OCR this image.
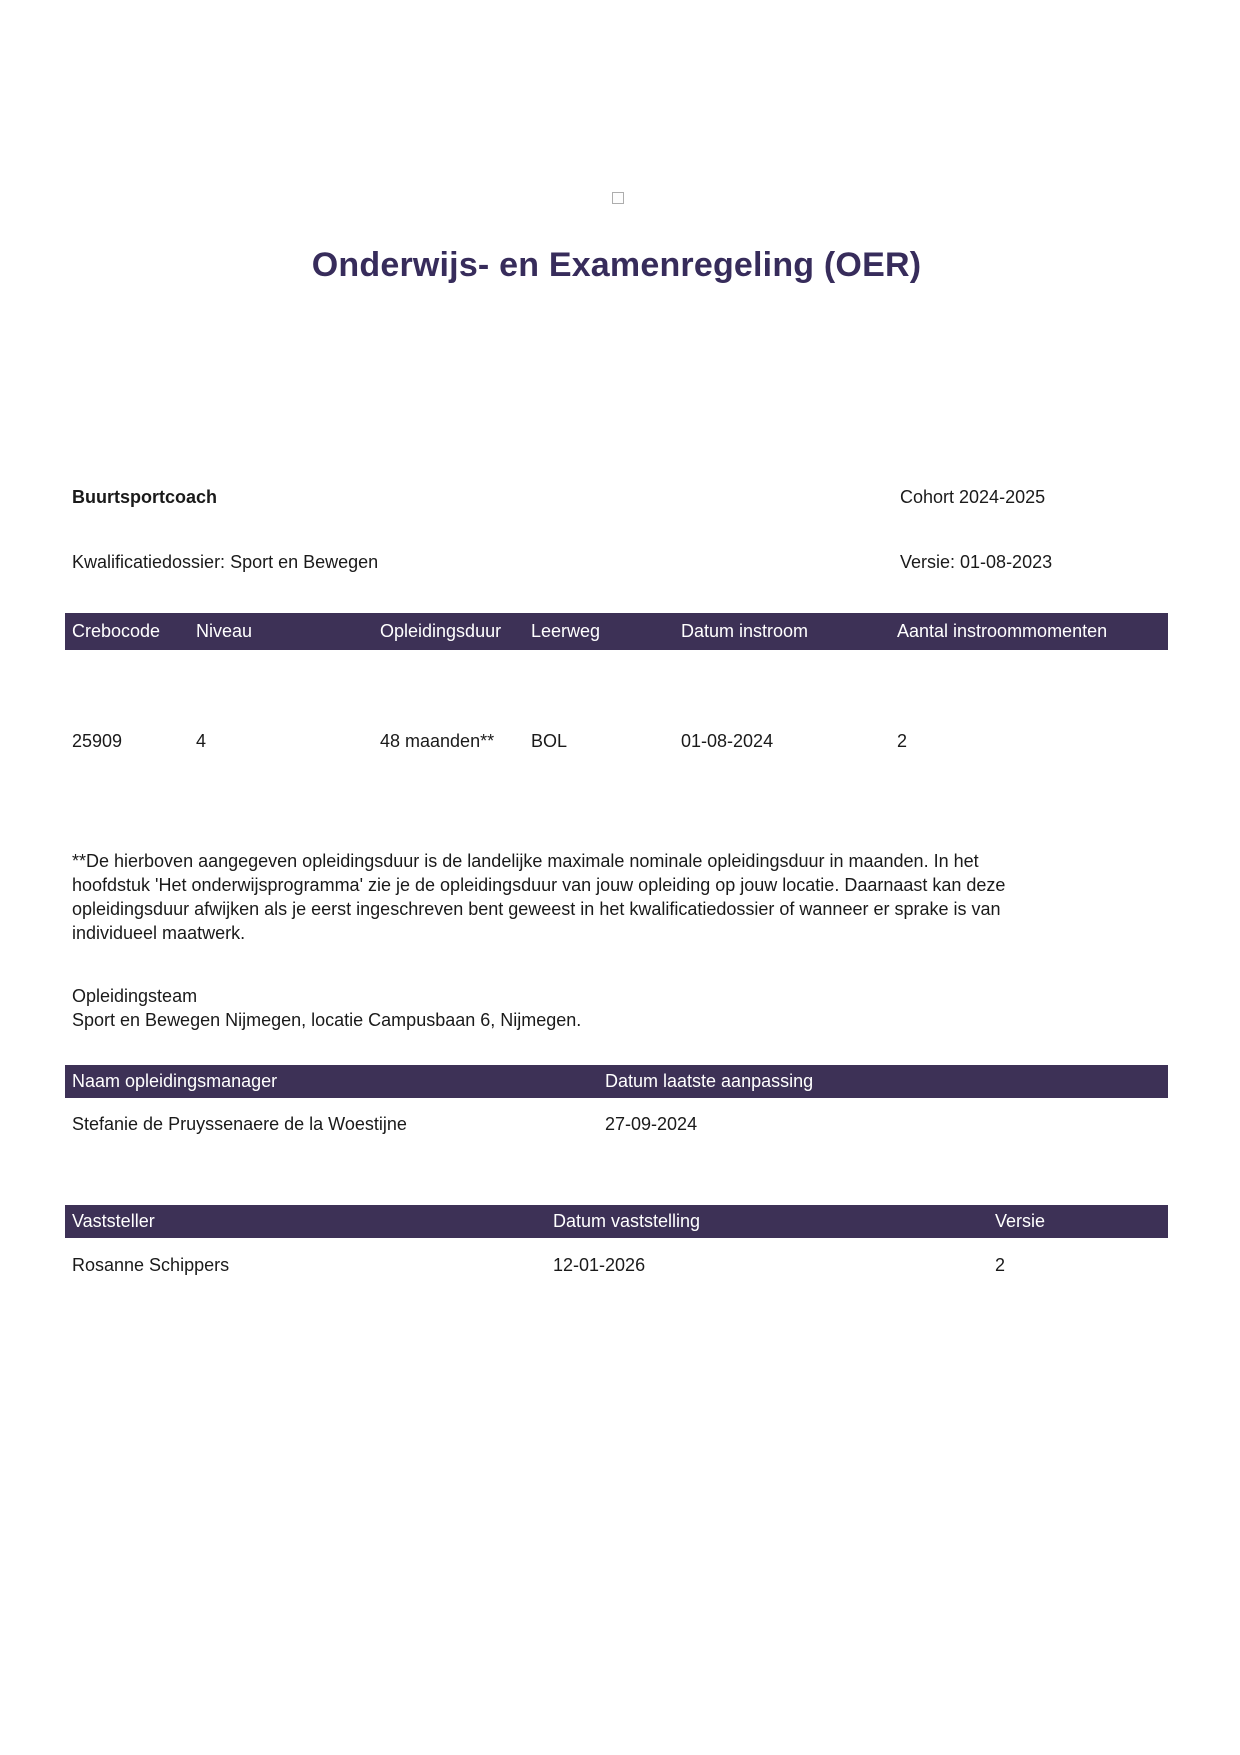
Onderwijs- en Examenregeling (OER)
Buurtsportcoach	Cohort 2024-2025
Kwalificatiedossier: Sport en Bewegen	Versie: 01-08-2023
Crebocode	Niveau	Opleidingsduur	Leerweg	Datum instroom	Aantal instroommomenten
25909	4	48 maanden**	BOL	01-08-2024	2
**De hierboven aangegeven opleidingsduur is de landelijke maximale nominale opleidingsduur in maanden. In het
hoofdstuk 'Het onderwijsprogramma' zie je de opleidingsduur van jouw opleiding op jouw locatie. Daarnaast kan deze
opleidingsduur afwijken als je eerst ingeschreven bent geweest in het kwalificatiedossier of wanneer er sprake is van
individueel maatwerk.
Opleidingsteam
Sport en Bewegen Nijmegen, locatie Campusbaan 6, Nijmegen.
Naam opleidingsmanager	Datum laatste aanpassing
Stefanie de Pruyssenaere de la Woestijne	27-09-2024
Vaststeller	Datum vaststelling	Versie
Rosanne Schippers	12-01-2026	2
